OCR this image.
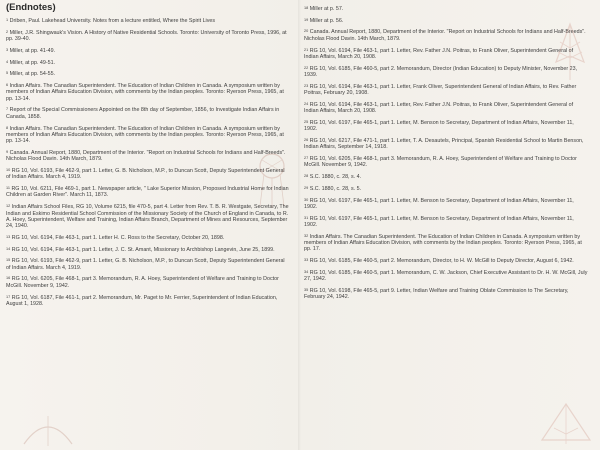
(Endnotes)

$^1$ Driben, Paul. Lakehead University. Notes from a lecture entitled, Where the Spirit Lives

$^2$ Miller, J.R. Shingwauk's Vision. A History of Native Residential Schools. Toronto: University of Toronto Press, 1996, at pp. 39-40.

$^3$ Miller, at pp. 41-49.

$^4$ Miller, at pp. 49-51.

$^5$ Miller, at pp. 54-55.

$^6$ Indian Affairs. The Canadian Superintendent. The Education of Indian Children in Canada. A symposium written by members of Indian Affairs Education Division, with comments by the Indian peoples. Toronto: Ryerson Press, 1965, at pp. 13-14.

$^7$ Report of the Special Commissioners Appointed on the 8th day of September, 1856, to Investigate Indian Affairs in Canada, 1858.

$^8$ Indian Affairs. The Canadian Superintendent. The Education of Indian Children in Canada. A symposium written by members of Indian Affairs Education Division, with comments by the Indian peoples. Toronto: Ryerson Press, 1965, at pp. 13-14.

$^9$ Canada. Annual Report, 1880, Department of the Interior. "Report on Industrial Schools for Indians and Half-Breeds". Nicholas Flood Davin. 14th March, 1879.

$^{10}$ RG 10, Vol. 6193, File 462-9, part 1. Letter, G. B. Nicholson, M.P., to Duncan Scott, Deputy Superintendent General of Indian Affairs. March 4, 1919.

$^{11}$ RG 10, Vol. 6211, File 469-1, part 1. Newspaper article, " Lake Superior Mission, Proposed Industrial Home for Indian Children at Garden River". March 11, 1873.

$^{12}$ Indian Affairs School Files, RG 10, Volume 6215, file 470-5, part 4. Letter from Rev. T. B. R. Westgate, Secretary, The Indian and Eskimo Residential School Commission of the Missionary Society of the Church of England in Canada, to R. A. Hoey, Superintendent, Welfare and Training, Indian Affairs Branch, Department of Mines and Resources, September 24, 1940.

$^{13}$ RG 10, Vol. 6194, File 463-1, part 1. Letter H. C. Ross to the Secretary, October 20, 1898.

$^{14}$ RG 10, Vol. 6194, File 463-1, part 1. Letter, J. C. St. Amant, Missionary to Archbishop Langevin, June 25, 1899.

$^{15}$ RG 10, Vol. 6193, File 462-9, part 1. Letter, G. B. Nicholson, M.P., to Duncan Scott, Deputy Superintendent General of Indian Affairs. March 4, 1919.

$^{16}$ RG 10, Vol. 6205, File 468-1, part 3. Memorandum, R. A. Hoey, Superintendent of Welfare and Training to Doctor McGill. November 9, 1942.

$^{17}$ RG 10, Vol. 6187, File 461-1, part 2. Memorandum, Mr. Paget to Mr. Ferrier, Superintendent of Indian Education, August 1, 1928.

$^{18}$ Miller at p. 57.

$^{19}$ Miller at p. 56.

$^{20}$ Canada. Annual Report, 1880, Department of the Interior. "Report on Industrial Schools for Indians and Half-Breeds". Nicholas Flood Davin. 14th March, 1879.

$^{21}$ RG 10, Vol. 6194, File 463-1, part 1. Letter, Rev. Father J.N. Poitras, to Frank Oliver, Superintendent General of Indian Affairs, March 20, 1908.

$^{22}$ RG 10, Vol. 6185, File 460-5, part 2. Memorandum, Director (Indian Education) to Deputy Minister, November 23, 1939.

$^{23}$ RG 10, Vol. 6194, File 463-1, part 1. Letter, Frank Oliver, Superintendent General of Indian Affairs, to Rev. Father Poitras, February 20, 1908.

$^{24}$ RG 10, Vol. 6194, File 463-1, part 1. Letter, Rev. Father J.N. Poitras, to Frank Oliver, Superintendent General of Indian Affairs, March 20, 1908.

$^{25}$ RG 10, Vol. 6197, File 465-1, part 1. Letter, M. Benson to Secretary, Department of Indian Affairs, November 11, 1902.

$^{26}$ RG 10, Vol. 6217, File 471-1, part 1. Letter, T. A. Desautels, Principal, Spanish Residential School to Martin Benson, Indian Affairs, September 14, 1918.

$^{27}$ RG 10, Vol. 6205, File 468-1, part 3. Memorandum, R. A. Hoey, Superintendent of Welfare and Training to Doctor McGill. November 9, 1942.

$^{28}$ S.C. 1880, c. 28, s. 4.

$^{29}$ S.C. 1880, c. 28, s. 5.

$^{30}$ RG 10, Vol. 6197, File 465-1, part 1. Letter, M. Benson to Secretary, Department of Indian Affairs, November 11, 1902.

$^{31}$ RG 10, Vol. 6197, File 465-1, part 1. Letter, M. Benson to Secretary, Department of Indian Affairs, November 11, 1902.

$^{32}$ Indian Affairs. The Canadian Superintendent. The Education of Indian Children in Canada. A symposium written by members of Indian Affairs Education Division, with comments by the Indian peoples. Toronto: Ryerson Press, 1965, at pp. 17.

$^{33}$ RG 10, Vol. 6185, File 460-5, part 2. Memorandum, Director, to H. W. McGill to Deputy Director, August 6, 1942.

$^{34}$ RG 10, Vol. 6185, File 460-5, part 1. Memorandum, C. W. Jackson, Chief Executive Assistant to Dr. H. W. McGill, July 27, 1942.

$^{35}$ RG 10, Vol. 6198, File 465-5, part 9. Letter, Indian Welfare and Training Oblate Commission to The Secretary, February 24, 1942.
